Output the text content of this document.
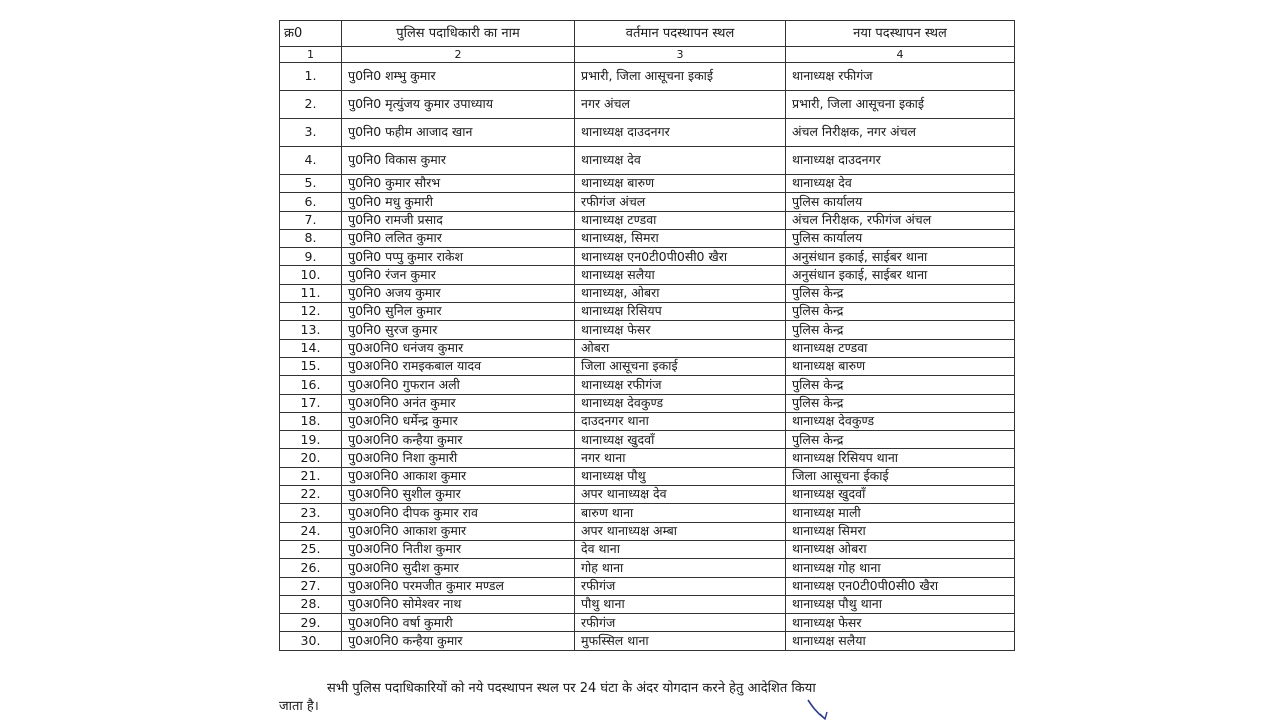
क्र0	पुलिस पदाधिकारी का नाम	वर्तमान पदस्थापन स्थल	नया पदस्थापन स्थल
1	2	3	4
1.	पु0नि0 शम्भु कुमार	प्रभारी, जिला आसूचना इकाई	थानाध्यक्ष रफीगंज
2.	पु0नि0 मृत्युंजय कुमार उपाध्याय	नगर अंचल	प्रभारी, जिला आसूचना इकाई
3.	पु0नि0 फहीम आजाद खान	थानाध्यक्ष दाउदनगर	अंचल निरीक्षक, नगर अंचल
4.	पु0नि0 विकास कुमार	थानाध्यक्ष देव	थानाध्यक्ष दाउदनगर
5.	पु0नि0 कुमार सौरभ	थानाध्यक्ष बारुण	थानाध्यक्ष देव
6.	पु0नि0 मधु कुमारी	रफीगंज अंचल	पुलिस कार्यालय
7.	पु0नि0 रामजी प्रसाद	थानाध्यक्ष टण्डवा	अंचल निरीक्षक, रफीगंज अंचल
8.	पु0नि0 ललित कुमार	थानाध्यक्ष, सिमरा	पुलिस कार्यालय
9.	पु0नि0 पप्पु कुमार राकेश	थानाध्यक्ष एन0टी0पी0सी0 खैरा	अनुसंधान इकाई, साईबर थाना
10.	पु0नि0 रंजन कुमार	थानाध्यक्ष सलैया	अनुसंधान इकाई, साईबर थाना
11.	पु0नि0 अजय कुमार	थानाध्यक्ष, ओबरा	पुलिस केन्द्र
12.	पु0नि0 सुनिल कुमार	थानाध्यक्ष रिसियप	पुलिस केन्द्र
13.	पु0नि0 सुरज कुमार	थानाध्यक्ष फेसर	पुलिस केन्द्र
14.	पु0अ0नि0 धनंजय कुमार	ओबरा	थानाध्यक्ष टण्डवा
15.	पु0अ0नि0 रामइकबाल यादव	जिला आसूचना इकाई	थानाध्यक्ष बारुण
16.	पु0अ0नि0 गुफरान अली	थानाध्यक्ष रफीगंज	पुलिस केन्द्र
17.	पु0अ0नि0 अनंत कुमार	थानाध्यक्ष देवकुण्ड	पुलिस केन्द्र
18.	पु0अ0नि0 धर्मेन्द्र कुमार	दाउदनगर थाना	थानाध्यक्ष देवकुण्ड
19.	पु0अ0नि0 कन्हैया कुमार	थानाध्यक्ष खुदवाँ	पुलिस केन्द्र
20.	पु0अ0नि0 निशा कुमारी	नगर थाना	थानाध्यक्ष रिसियप थाना
21.	पु0अ0नि0 आकाश कुमार	थानाध्यक्ष पौथु	जिला आसूचना ईकाई
22.	पु0अ0नि0 सुशील कुमार	अपर थानाध्यक्ष देव	थानाध्यक्ष खुदवाँ
23.	पु0अ0नि0 दीपक कुमार राव	बारुण थाना	थानाध्यक्ष माली
24.	पु0अ0नि0 आकाश कुमार	अपर थानाध्यक्ष अम्बा	थानाध्यक्ष सिमरा
25.	पु0अ0नि0 नितीश कुमार	देव थाना	थानाध्यक्ष ओबरा
26.	पु0अ0नि0 सुदीश कुमार	गोह थाना	थानाध्यक्ष गोह थाना
27.	पु0अ0नि0 परमजीत कुमार मण्डल	रफीगंज	थानाध्यक्ष एन0टी0पी0सी0 खैरा
28.	पु0अ0नि0 सोमेश्वर नाथ	पौथु थाना	थानाध्यक्ष पौथु थाना
29.	पु0अ0नि0 वर्षा कुमारी	रफीगंज	थानाध्यक्ष फेसर
30.	पु0अ0नि0 कन्हैया कुमार	मुफस्सिल थाना	थानाध्यक्ष सलैया
सभी पुलिस पदाधिकारियों को नये पदस्थापन स्थल पर 24 घंटा के अंदर योगदान करने हेतु आदेशित किया
जाता है।
